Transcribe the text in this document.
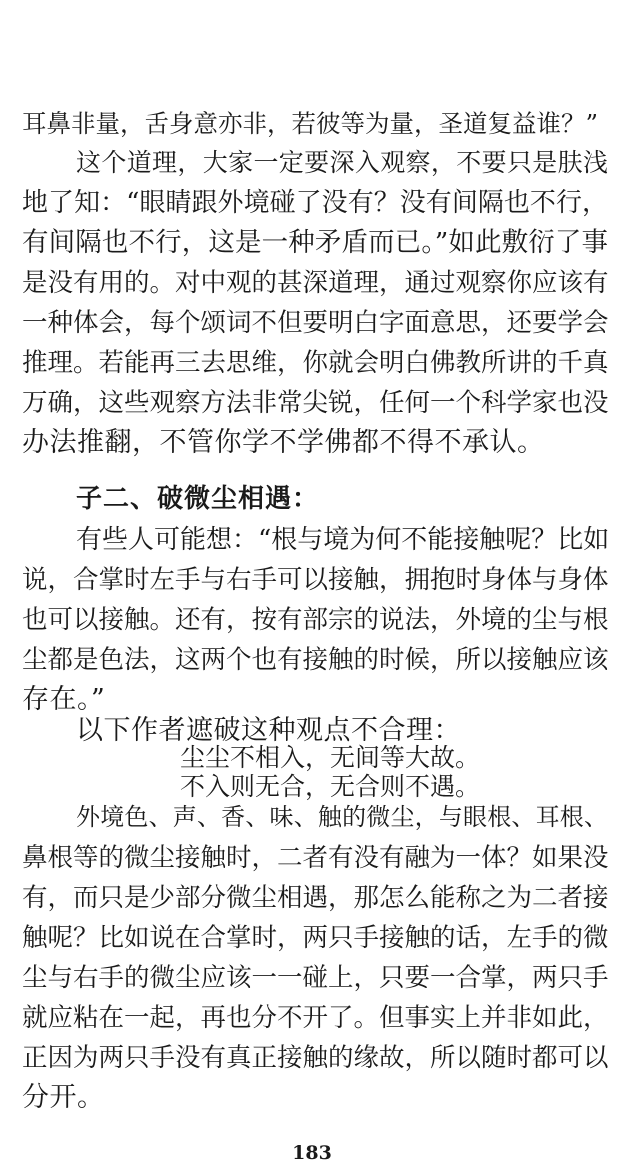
耳鼻非量，舌身意亦非，若彼等为量，圣道复益谁？”
这个道理，大家一定要深入观察，不要只是肤浅
地了知：“眼睛跟外境碰了没有？没有间隔也不行，
有间隔也不行，这是一种矛盾而已。”如此敷衍了事
是没有用的。对中观的甚深道理，通过观察你应该有
一种体会，每个颂词不但要明白字面意思，还要学会
推理。若能再三去思维，你就会明白佛教所讲的千真
万确，这些观察方法非常尖锐，任何一个科学家也没
办法推翻，不管你学不学佛都不得不承认。
子二、破微尘相遇：
有些人可能想：“根与境为何不能接触呢？比如
说，合掌时左手与右手可以接触，拥抱时身体与身体
也可以接触。还有，按有部宗的说法，外境的尘与根
尘都是色法，这两个也有接触的时候，所以接触应该
存在。”
以下作者遮破这种观点不合理：
尘尘不相入，无间等大故。
不入则无合，无合则不遇。
外境色、声、香、味、触的微尘，与眼根、耳根、
鼻根等的微尘接触时，二者有没有融为一体？如果没
有，而只是少部分微尘相遇，那怎么能称之为二者接
触呢？比如说在合掌时，两只手接触的话，左手的微
尘与右手的微尘应该一一碰上，只要一合掌，两只手
就应粘在一起，再也分不开了。但事实上并非如此，
正因为两只手没有真正接触的缘故，所以随时都可以
分开。
183
